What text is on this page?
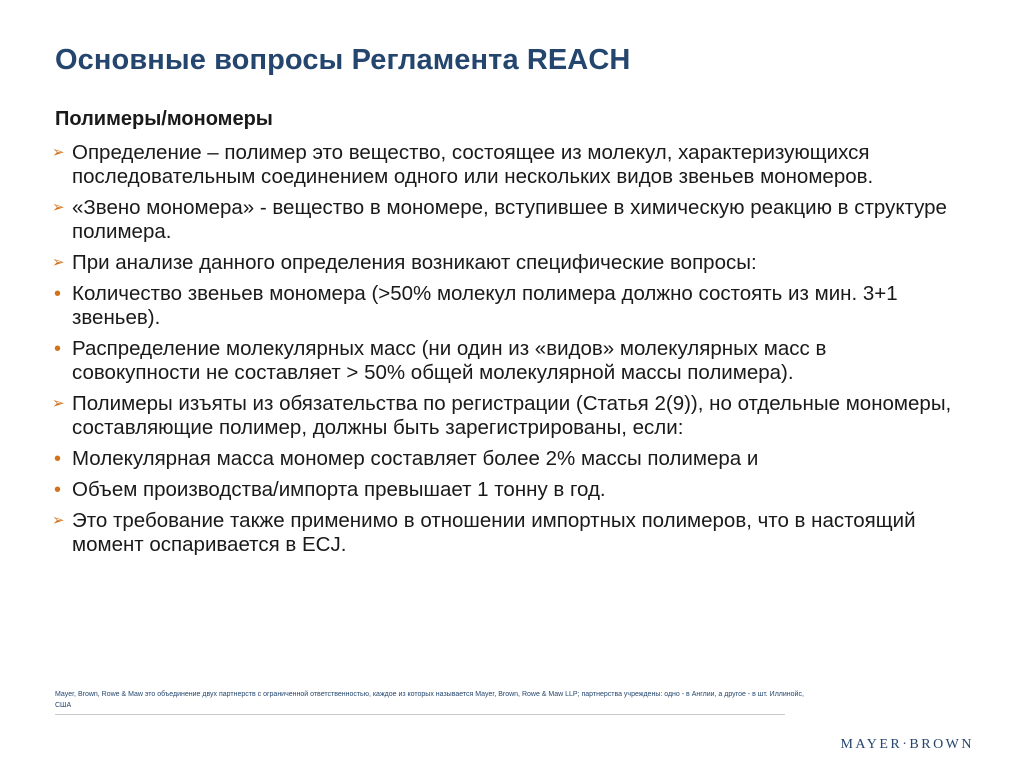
Основные вопросы Регламента REACH
Полимеры/мономеры
➢ Определение – полимер это вещество, состоящее из молекул, характеризующихся последовательным соединением одного или нескольких видов звеньев мономеров.
➢ «Звено мономера» - вещество в мономере, вступившее в химическую реакцию в структуре полимера.
➢ При анализе данного определения возникают специфические вопросы:
• Количество звеньев мономера (>50% молекул полимера должно состоять из мин. 3+1 звеньев).
• Распределение молекулярных масс (ни один из «видов» молекулярных масс в совокупности не составляет > 50% общей молекулярной массы полимера).
➢ Полимеры изъяты из обязательства по регистрации (Статья 2(9)), но отдельные мономеры, составляющие полимер, должны быть зарегистрированы, если:
• Молекулярная масса мономер составляет более 2% массы полимера и
• Объем производства/импорта превышает 1 тонну в год.
➢ Это требование также применимо в отношении импортных полимеров, что в настоящий момент оспаривается в ECJ.
Mayer, Brown, Rowe & Maw это объединение двух партнерств с ограниченной ответственностью, каждое из которых называется Mayer, Brown, Rowe & Maw LLP; партнерства учреждены: одно - в Англии, а другое - в шт. Иллинойс, США
MAYER·BROWN
